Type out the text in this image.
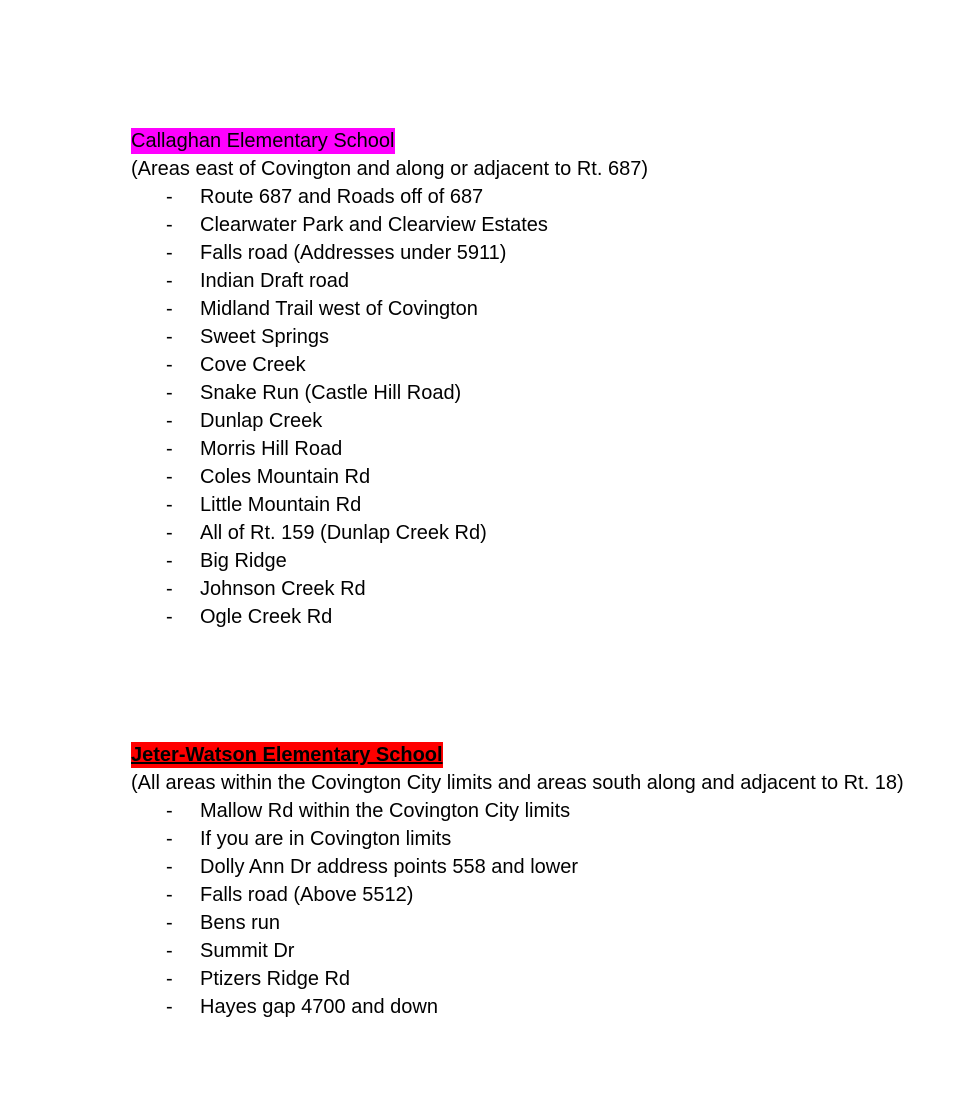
Callaghan Elementary School

(Areas east of Covington and along or adjacent to Rt. 687)

- Route 687 and Roads off of 687
- Clearwater Park and Clearview Estates
- Falls road (Addresses under 5911)
- Indian Draft road
- Midland Trail west of Covington
- Sweet Springs
- Cove Creek
- Snake Run (Castle Hill Road)
- Dunlap Creek
- Morris Hill Road
- Coles Mountain Rd
- Little Mountain Rd
- All of Rt. 159 (Dunlap Creek Rd)
- Big Ridge
- Johnson Creek Rd
- Ogle Creek Rd
Jeter-Watson Elementary School

(All areas within the Covington City limits and areas south along and adjacent to Rt. 18)

- Mallow Rd within the Covington City limits
- If you are in Covington limits
- Dolly Ann Dr address points 558 and lower
- Falls road (Above 5512)
- Bens run
- Summit Dr
- Ptizers Ridge Rd
- Hayes gap 4700 and down
